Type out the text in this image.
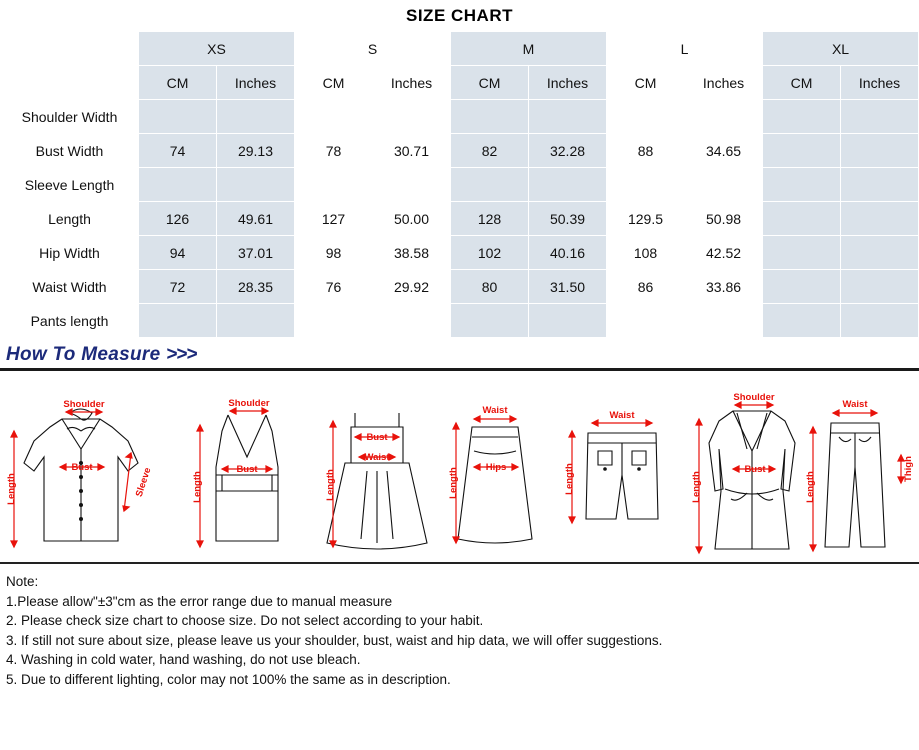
SIZE CHART
	XS		S		M		L		XL	
	CM	Inches	CM	Inches	CM	Inches	CM	Inches	CM	Inches
Shoulder Width										
Bust Width	74	29.13	78	30.71	82	32.28	88	34.65		
Sleeve Length										
Length	126	49.61	127	50.00	128	50.39	129.5	50.98		
Hip Width	94	37.01	98	38.58	102	40.16	108	42.52		
Waist Width	72	28.35	76	29.92	80	31.50	86	33.86		
Pants length										
How To Measure >>>
Shoulder
Bust
Length	Sleeve
Shoulder
Bust
Length
Bust
Waist
Length
Waist
Hips
Length
Waist
Length
Shoulder
Bust
Length
Waist
Length
Thigh
Note:
1.Please allow"±3"cm as the error range due to manual measure
2. Please check size chart to choose size. Do not select according to your habit.
3. If still not sure about size, please leave us your shoulder, bust, waist and hip data, we will offer suggestions.
4. Washing in cold water, hand washing, do not use bleach.
5. Due to different lighting, color may not 100% the same as in description.
